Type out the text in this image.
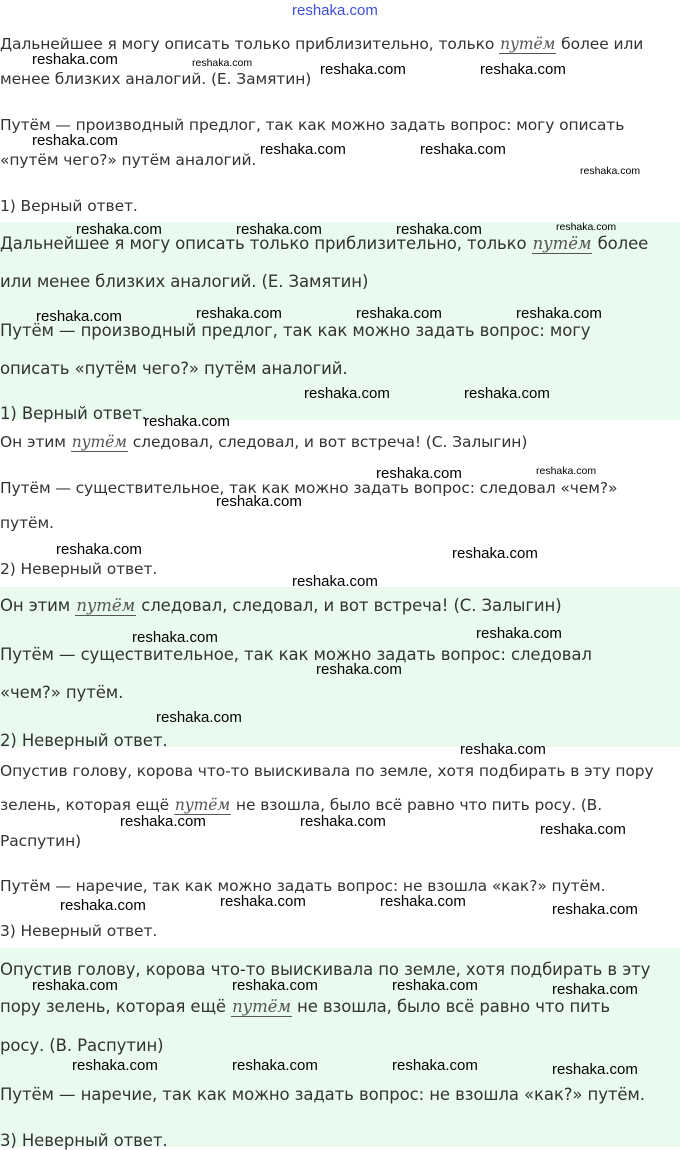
reshaka.com
Дальнейшее я могу описать только приблизительно, только путём более или
менее близких аналогий. (Е. Замятин)
Путём — производный предлог, так как можно задать вопрос: могу описать
«путём чего?» путём аналогий.
1) Верный ответ.
Дальнейшее я могу описать только приблизительно, только путём более
или менее близких аналогий. (Е. Замятин)
Путём — производный предлог, так как можно задать вопрос: могу
описать «путём чего?» путём аналогий.
1) Верный ответ.
Он этим путём следовал, следовал, и вот встреча! (С. Залыгин)
Путём — существительное, так как можно задать вопрос: следовал «чем?»
путём.
2) Неверный ответ.
Он этим путём следовал, следовал, и вот встреча! (С. Залыгин)
Путём — существительное, так как можно задать вопрос: следовал
«чем?» путём.
2) Неверный ответ.
Опустив голову, корова что-то выискивала по земле, хотя подбирать в эту пору
зелень, которая ещё путём не взошла, было всё равно что пить росу. (В.
Распутин)
Путём — наречие, так как можно задать вопрос: не взошла «как?» путём.
3) Неверный ответ.
Опустив голову, корова что-то выискивала по земле, хотя подбирать в эту
пору зелень, которая ещё путём не взошла, было всё равно что пить
росу. (В. Распутин)
Путём — наречие, так как можно задать вопрос: не взошла «как?» путём.
3) Неверный ответ.
reshaka.com	reshaka.com	reshaka.com	reshaka.com
reshaka.com
reshaka.com	reshaka.com
reshaka.com
reshaka.com	reshaka.com	reshaka.com	reshaka.com
reshaka.com	reshaka.com	reshaka.com	reshaka.com
reshaka.com	reshaka.com
reshaka.com
reshaka.com	reshaka.com
reshaka.com
reshaka.com	reshaka.com
reshaka.com
reshaka.com
reshaka.com
reshaka.com
reshaka.com
reshaka.com
reshaka.com	reshaka.com	reshaka.com
reshaka.com	reshaka.com	reshaka.com	reshaka.com
reshaka.com	reshaka.com	reshaka.com	reshaka.com
reshaka.com	reshaka.com	reshaka.com	reshaka.com
